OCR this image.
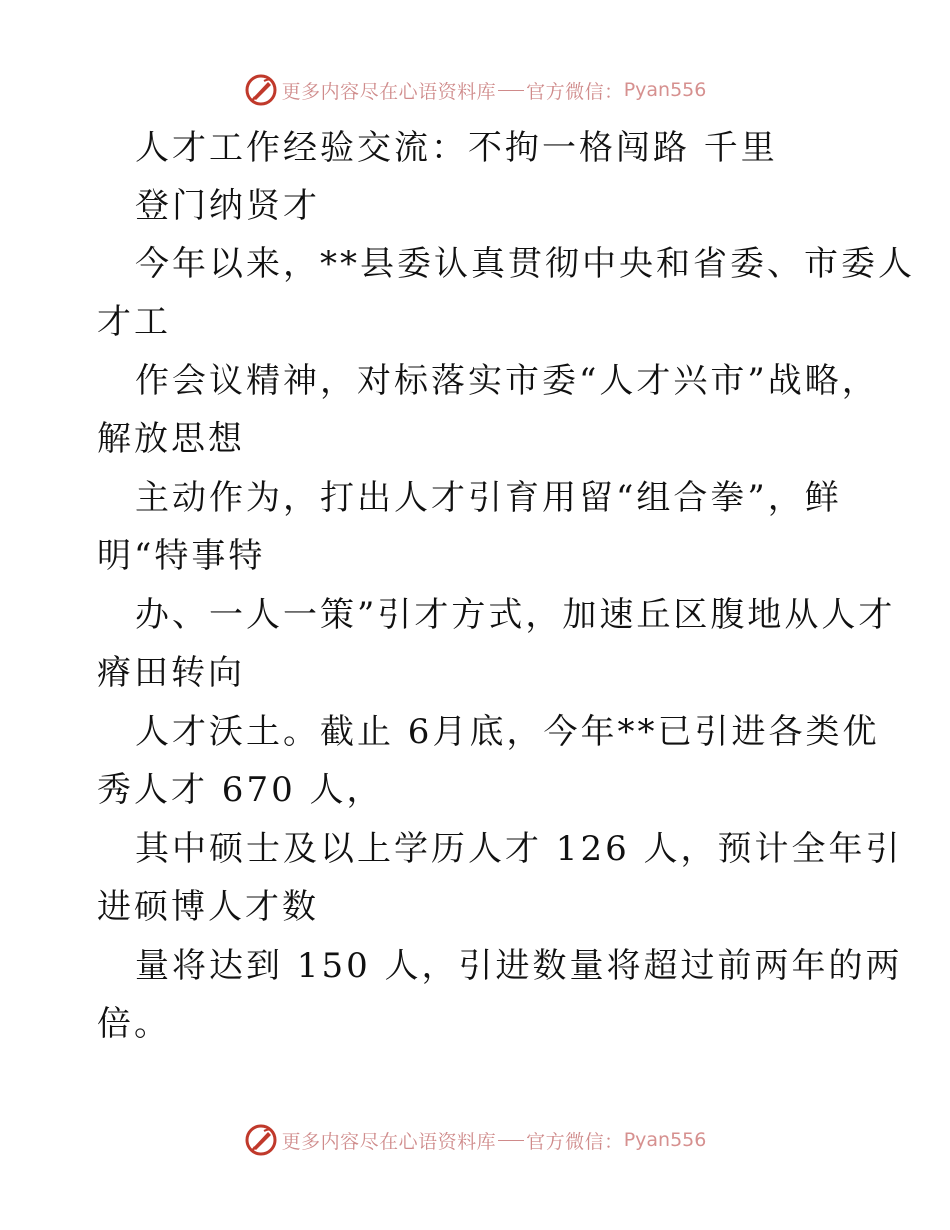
更多内容尽在心语资料库 官方微信： Pyan556
人才工作经验交流：不拘一格闯路 千里
登门纳贤才
今年以来，**县委认真贯彻中央和省委、市委人
才工
作会议精神，对标落实市委“人才兴市”战略，
解放思想
主动作为，打出人才引育用留“组合拳”，鲜
明“特事特
办、一人一策”引才方式，加速丘区腹地从人才
瘠田转向
人才沃土。截止 6月底，今年**已引进各类优
秀人才 670 人，
其中硕士及以上学历人才 126 人，预计全年引
进硕博人才数
量将达到 150 人，引进数量将超过前两年的两
倍。
更多内容尽在心语资料库 官方微信： Pyan556
